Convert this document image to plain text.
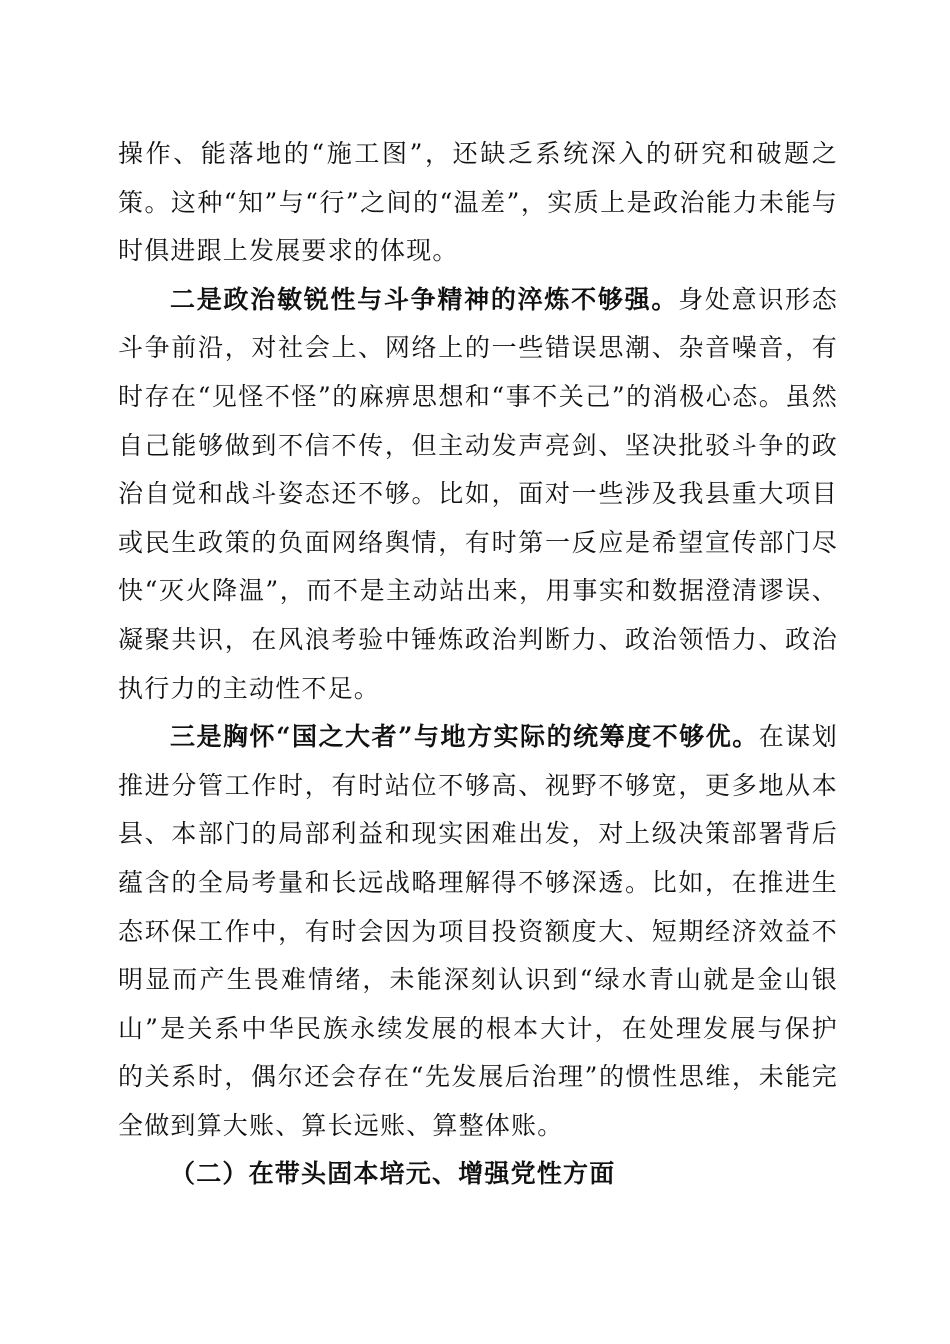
操作、能落地的“施工图”，还缺乏系统深入的研究和破题之策。这种“知”与“行”之间的“温差”，实质上是政治能力未能与时俱进跟上发展要求的体现。

二是政治敏锐性与斗争精神的淬炼不够强。身处意识形态斗争前沿，对社会上、网络上的一些错误思潮、杂音噪音，有时存在“见怪不怪”的麻痹思想和“事不关己”的消极心态。虽然自己能够做到不信不传，但主动发声亮剑、坚决批驳斗争的政治自觉和战斗姿态还不够。比如，面对一些涉及我县重大项目或民生政策的负面网络舆情，有时第一反应是希望宣传部门尽快“灭火降温”，而不是主动站出来，用事实和数据澄清谬误、凝聚共识，在风浪考验中锤炼政治判断力、政治领悟力、政治执行力的主动性不足。

三是胸怀“国之大者”与地方实际的统筹度不够优。在谋划推进分管工作时，有时站位不够高、视野不够宽，更多地从本县、本部门的局部利益和现实困难出发，对上级决策部署背后蕴含的全局考量和长远战略理解得不够深透。比如，在推进生态环保工作中，有时会因为项目投资额度大、短期经济效益不明显而产生畏难情绪，未能深刻认识到“绿水青山就是金山银山”是关系中华民族永续发展的根本大计，在处理发展与保护的关系时，偶尔还会存在“先发展后治理”的惯性思维，未能完全做到算大账、算长远账、算整体账。

（二）在带头固本培元、增强党性方面
